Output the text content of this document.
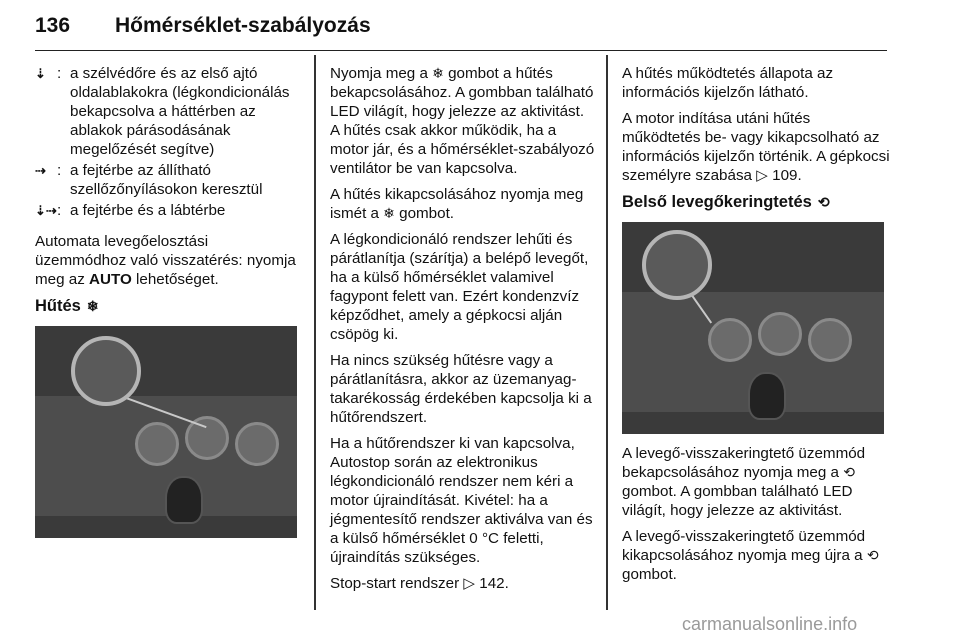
136 Hőmérséklet-szabályozás
⇣ : a szélvédőre és az első ajtó oldalablakokra (légkondicionálás bekapcsolva a háttérben az ablakok párásodásának megelőzését segítve)
⇢ : a fejtérbe az állítható szellőzőnyílásokon keresztül
⇣⇢ : a fejtérbe és a lábtérbe

Automata levegőelosztási üzemmódhoz való visszatérés: nyomja meg az AUTO lehetőséget.

Hűtés ❄

Nyomja meg a ❄ gombot a hűtés bekapcsolásához. A gombban található LED világít, hogy jelezze az aktivitást. A hűtés csak akkor működik, ha a motor jár, és a hőmérséklet-szabályozó ventilátor be van kapcsolva.

A hűtés kikapcsolásához nyomja meg ismét a ❄ gombot.

A légkondicionáló rendszer lehűti és párátlanítja (szárítja) a belépő levegőt, ha a külső hőmérséklet valamivel fagypont felett van. Ezért kondenzvíz képződhet, amely a gépkocsi alján csöpög ki.

Ha nincs szükség hűtésre vagy a párátlanításra, akkor az üzemanyag-takarékosság érdekében kapcsolja ki a hűtőrendszert.

Ha a hűtőrendszer ki van kapcsolva, Autostop során az elektronikus légkondicionáló rendszer nem kéri a motor újraindítását. Kivétel: ha a jégmentesítő rendszer aktiválva van és a külső hőmérséklet 0 °C feletti, újraindítás szükséges.

Stop-start rendszer ▷ 142.

A hűtés működtetés állapota az információs kijelzőn látható.

A motor indítása utáni hűtés működtetés be- vagy kikapcsolható az információs kijelzőn történik. A gépkocsi személyre szabása ▷ 109.

Belső levegőkeringtetés ⟲

A levegő-visszakeringtető üzemmód bekapcsolásához nyomja meg a ⟲ gombot. A gombban található LED világít, hogy jelezze az aktivitást.

A levegő-visszakeringtető üzemmód kikapcsolásához nyomja meg újra a ⟲ gombot.

carmanualsonline.info
